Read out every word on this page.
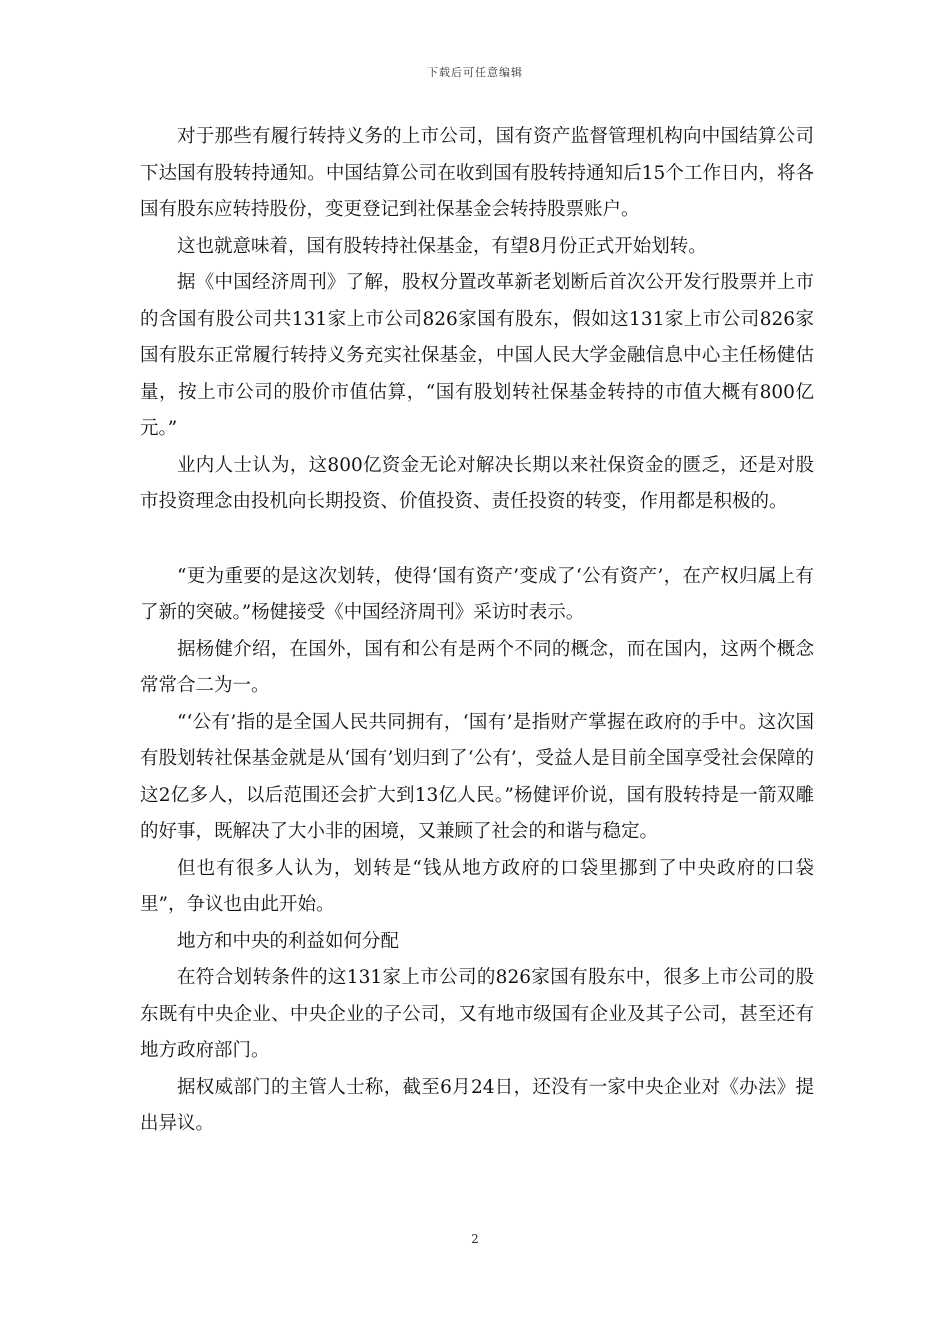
下载后可任意编辑

对于那些有履行转持义务的上市公司，国有资产监督管理机构向中国结算公司下达国有股转持通知。中国结算公司在收到国有股转持通知后15个工作日内，将各国有股东应转持股份，变更登记到社保基金会转持股票账户。

这也就意味着，国有股转持社保基金，有望8月份正式开始划转。

据《中国经济周刊》了解，股权分置改革新老划断后首次公开发行股票并上市的含国有股公司共131家上市公司826家国有股东，假如这131家上市公司826家国有股东正常履行转持义务充实社保基金，中国人民大学金融信息中心主任杨健估量，按上市公司的股价市值估算，“国有股划转社保基金转持的市值大概有800亿元。”

业内人士认为，这800亿资金无论对解决长期以来社保资金的匮乏，还是对股市投资理念由投机向长期投资、价值投资、责任投资的转变，作用都是积极的。

“更为重要的是这次划转，使得‘国有资产’变成了‘公有资产’，在产权归属上有了新的突破。”杨健接受《中国经济周刊》采访时表示。

据杨健介绍，在国外，国有和公有是两个不同的概念，而在国内，这两个概念常常合二为一。

“‘公有’指的是全国人民共同拥有，‘国有’是指财产掌握在政府的手中。这次国有股划转社保基金就是从‘国有’划归到了‘公有’，受益人是目前全国享受社会保障的这2亿多人，以后范围还会扩大到13亿人民。”杨健评价说，国有股转持是一箭双雕的好事，既解决了大小非的困境，又兼顾了社会的和谐与稳定。

但也有很多人认为，划转是“钱从地方政府的口袋里挪到了中央政府的口袋里”，争议也由此开始。

地方和中央的利益如何分配

在符合划转条件的这131家上市公司的826家国有股东中，很多上市公司的股东既有中央企业、中央企业的子公司，又有地市级国有企业及其子公司，甚至还有地方政府部门。

据权威部门的主管人士称，截至6月24日，还没有一家中央企业对《办法》提出异议。

2
